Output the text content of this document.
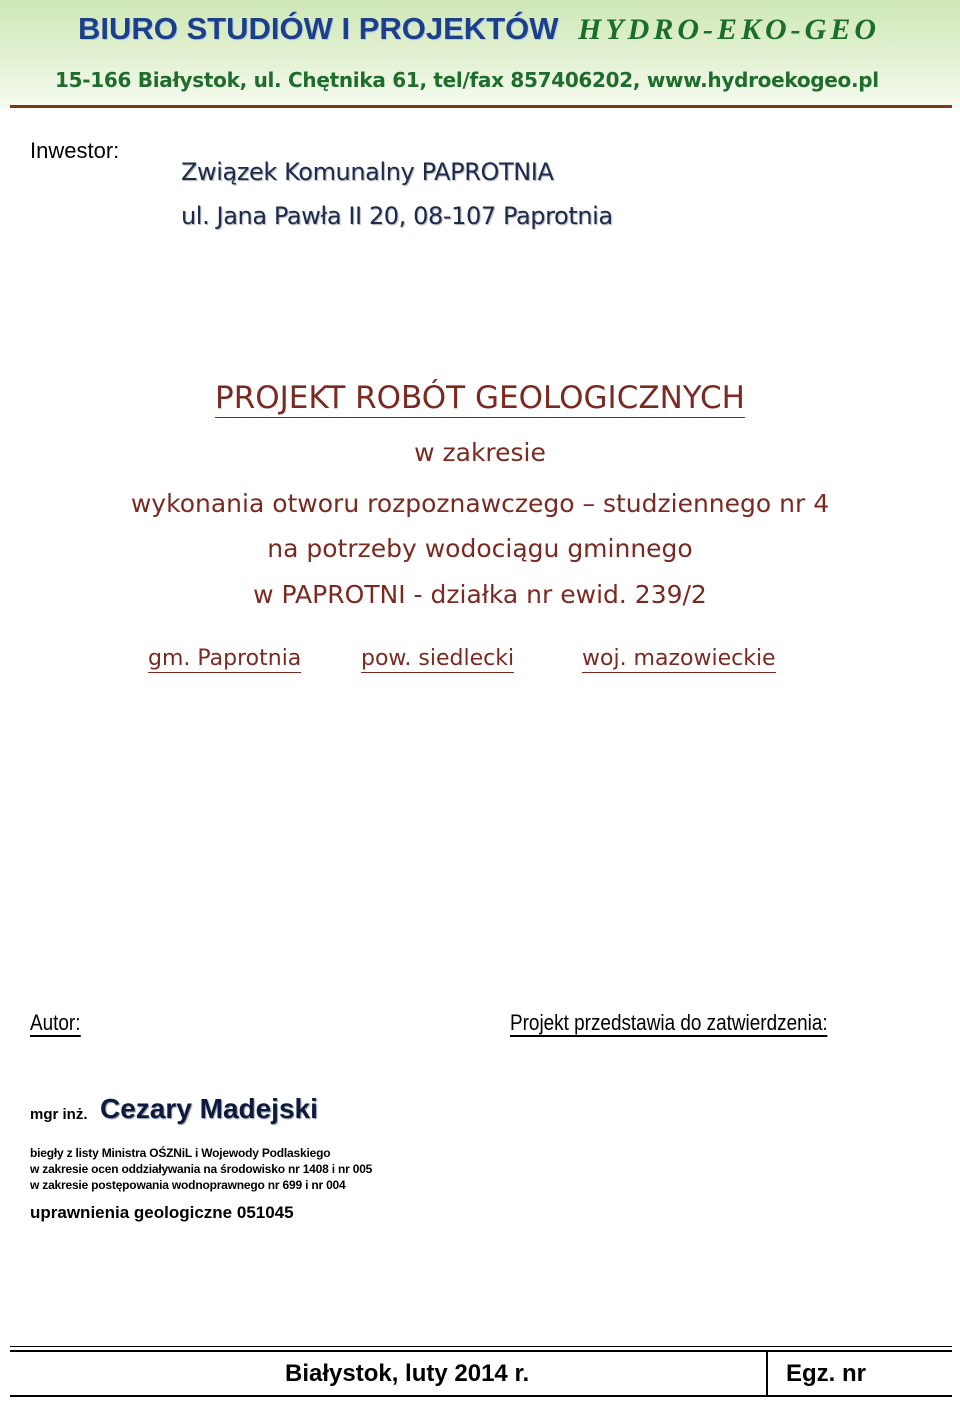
BIURO STUDIÓW I PROJEKTÓW HYDRO-EKO-GEO
15-166 Białystok, ul. Chętnika 61, tel/fax 857406202, www.hydroekogeo.pl
Inwestor:
Związek Komunalny PAPROTNIA
ul. Jana Pawła II 20, 08-107 Paprotnia
PROJEKT ROBÓT GEOLOGICZNYCH
w zakresie
wykonania otworu rozpoznawczego – studziennego nr 4
na potrzeby wodociągu gminnego
w PAPROTNI - działka nr ewid. 239/2
gm. Paprotnia	pow. siedlecki	woj. mazowieckie
Autor:	Projekt przedstawia do zatwierdzenia:
mgr inż. Cezary Madejski
biegły z listy Ministra OŚZNiL i Wojewody Podlaskiego
w zakresie ocen oddziaływania na środowisko nr 1408 i nr 005
w zakresie postępowania wodnoprawnego nr 699 i nr 004
uprawnienia geologiczne 051045
Białystok, luty 2014 r.	Egz. nr
